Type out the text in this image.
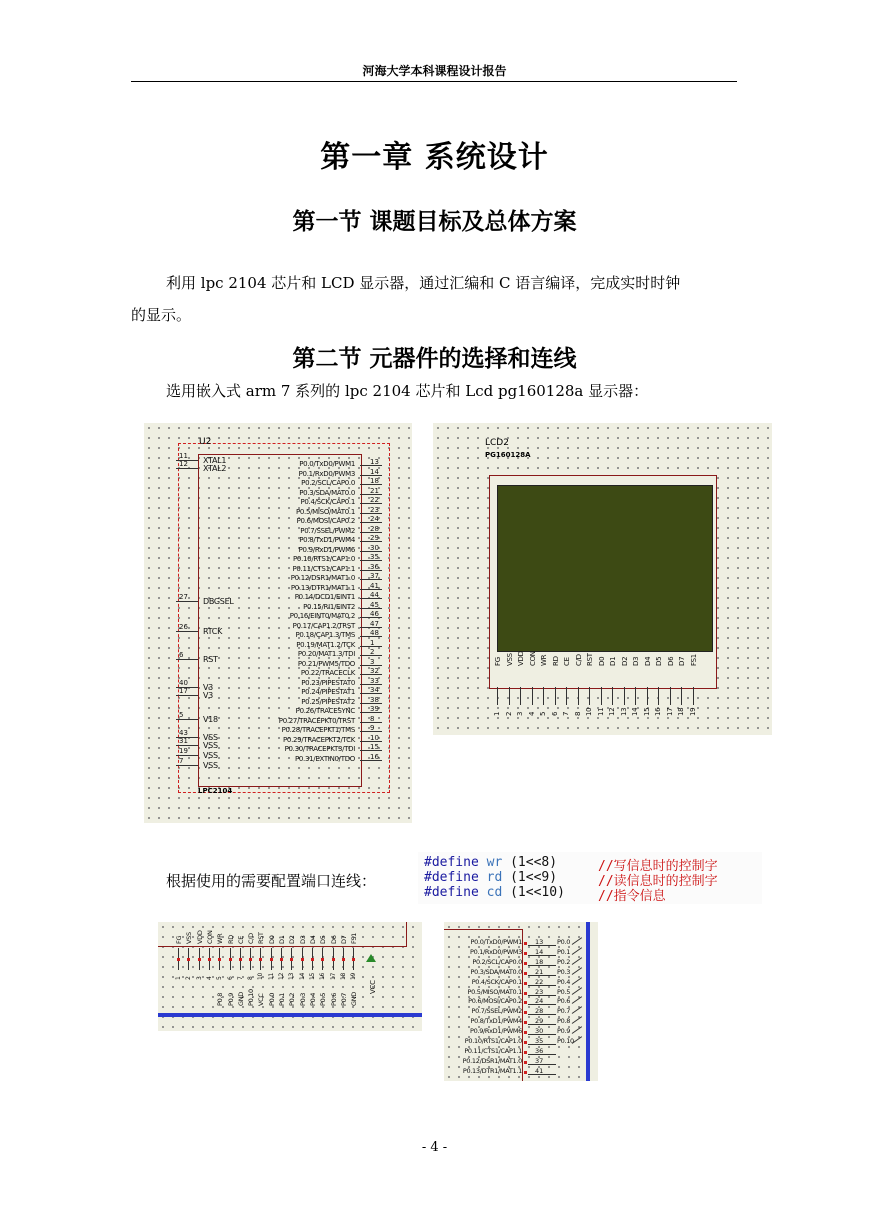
河海大学本科课程设计报告
第一章 系统设计
第一节 课题目标及总体方案
利用 lpc 2104 芯片和 LCD 显示器，通过汇编和 C 语言编译，完成实时时钟
的显示。
第二节 元器件的选择和连线
选用嵌入式 arm 7 系列的 lpc 2104 芯片和 Lcd pg160128a 显示器：
U2
LPC2104
11 XTAL1
12 XTAL2
27 DBGSEL
26 RTCK
6 RST
40 V3
17 V3
5 V18
43 VSS
31 VSS
19 VSS
7 VSS
P0.0/TxD0/PWM1 13
P0.1/RxD0/PWM3 14
P0.2/SCL/CAP0.0 18
P0.3/SDA/MAT0.0 21
P0.4/SCK/CAP0.1 22
P0.5/MISO/MAT0.1 23
P0.6/MOSI/CAP0.2 24
P0.7/SSEL/PWM2 28
P0.8/TxD1/PWM4 29
P0.9/RxD1/PWM6 30
P0.10/RTS1/CAP1.0 35
P0.11/CTS1/CAP1.1 36
P0.12/DSR1/MAT1.0 37
P0.13/DTR1/MAT1.1 41
P0.14/DCD1/EINT1 44
P0.15/RI1/EINT2 45
P0.16/EINT0/MAT0.2 46
P0.17/CAP1.2/TRST 47
P0.18/CAP1.3/TMS 48
P0.19/MAT1.2/TCK 1
P0.20/MAT1.3/TDI 2
P0.21/PWM5/TDO 3
P0.22/TRACECLK 32
P0.23/PIPESTAT0 33
P0.24/PIPESTAT1 34
P0.25/PIPESTAT2 38
P0.26/TRACESYNC 39
P0.27/TRACEPKT0/TRST 8
P0.28/TRACEPKT1/TMS 9
P0.29/TRACEPKT2/TCK 10
P0.30/TRACEPKT3/TDI 15
P0.31/EXTIN0/TDO 16
LCD2
PG160128A
FG
1
VSS
2
VDD
3
CON
4
WR
5
RD
6
CE
7
C/D
8
RST
10
D0
11
D1
12
D2
13
D3
14
D4
15
D5
16
D6
17
D7
18
FS1
19
根据使用的需要配置端口连线：
#define wr (1<<8)	//写信息时的控制字
#define rd (1<<9)	//读信息时的控制字
#define cd (1<<10)	//指令信息
FG
1
VSS
2
VDD
3
CON
4
WR
5
P0.8
RD
6
P0.9
CE
7
GND
C/D
8
P0.10
RST
10
VCC
D0
11
P0.0
D1
12
P0.1
D2
13
P0.2
D3
14
P0.3
D4
15
P0.4
D5
16
P0.5
D6
17
P0.6
D7
18
P0.7
FS1
19
GND
VCC
P0.0/TxD0/PWM1 13 P0.0
P0.1/RxD0/PWM3 14 P0.1
P0.2/SCL/CAP0.0 18 P0.2
P0.3/SDA/MAT0.0 21 P0.3
P0.4/SCK/CAP0.1 22 P0.4
P0.5/MISO/MAT0.1 23 P0.5
P0.6/MOSI/CAP0.2 24 P0.6
P0.7/SSEL/PWM2 28 P0.7
P0.8/TxD1/PWM4 29 P0.8
P0.9/RxD1/PWM6 30 P0.9
P0.10/RTS1/CAP1.0 35 P0.10
P0.11/CTS1/CAP1.1 36
P0.12/DSR1/MAT1.0 37
P0.13/DTR1/MAT1.1 41
- 4 -
